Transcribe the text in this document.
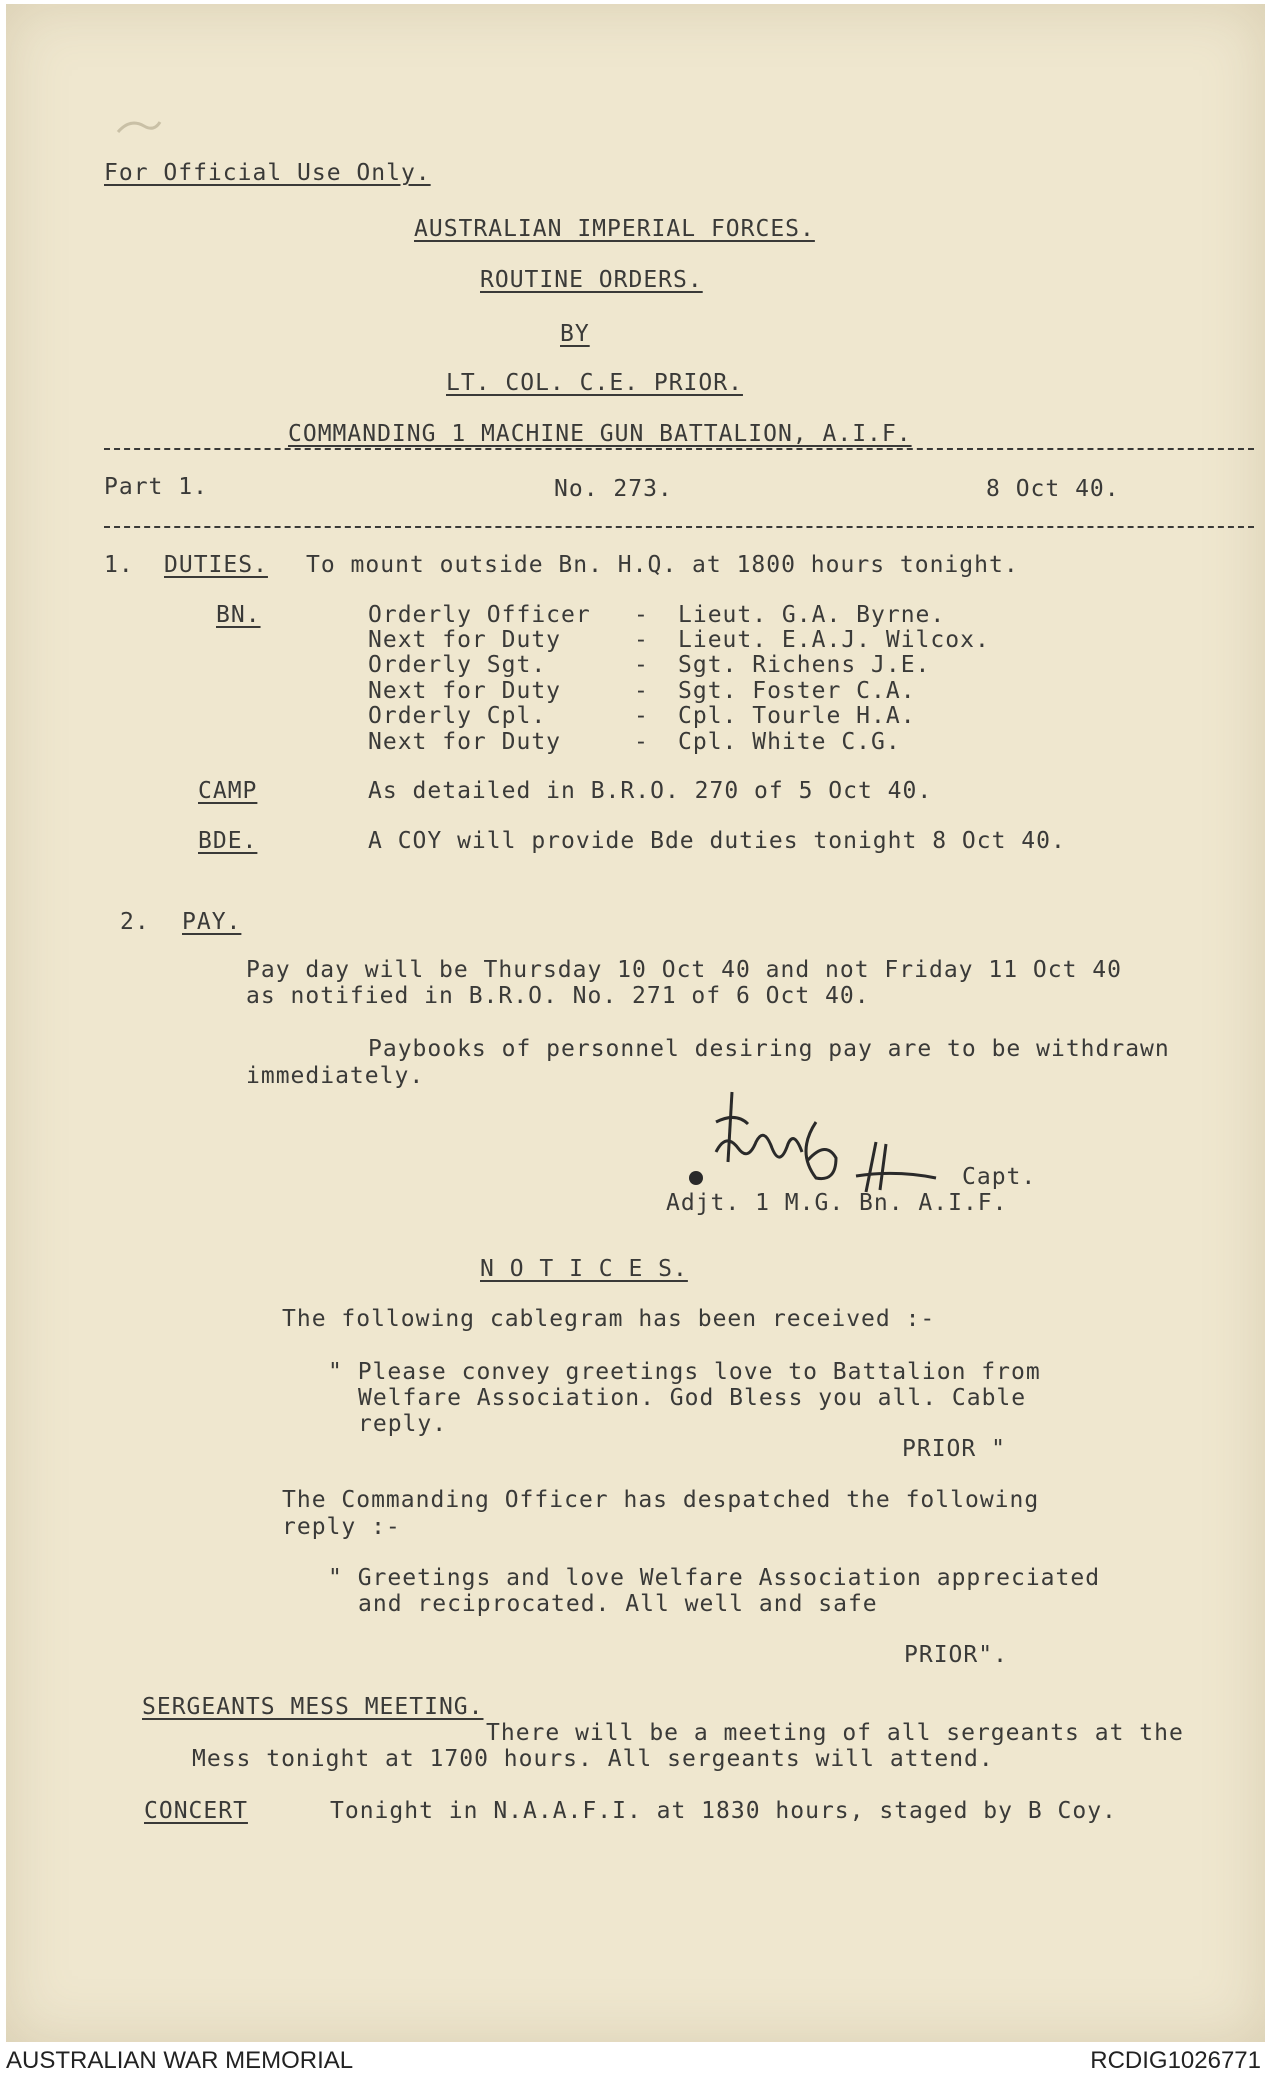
For Official Use Only.
AUSTRALIAN IMPERIAL FORCES.
ROUTINE ORDERS.
BY
LT. COL. C.E. PRIOR.
COMMANDING 1 MACHINE GUN BATTALION, A.I.F.
Part 1.	No. 273.	8 Oct 40.
1. DUTIES. To mount outside Bn. H.Q. at 1800 hours tonight.
BN.	Orderly Officer - Lieut. G.A. Byrne.
Next for Duty	- Lieut. E.A.J. Wilcox.
Orderly Sgt.	- Sgt. Richens J.E.
Next for Duty	- Sgt. Foster C.A.
Orderly Cpl.	- Cpl. Tourle H.A.
Next for Duty	- Cpl. White C.G.
CAMP	As detailed in B.R.O. 270 of 5 Oct 40.
BDE.	A COY will provide Bde duties tonight 8 Oct 40.
2. PAY.
Pay day will be Thursday 10 Oct 40 and not Friday 11 Oct 40
as notified in B.R.O. No. 271 of 6 Oct 40.
Paybooks of personnel desiring pay are to be withdrawn
immediately.
Capt.
Adjt. 1 M.G. Bn. A.I.F.
N O T I C E S.
The following cablegram has been received :-
" Please convey greetings love to Battalion from
Welfare Association. God Bless you all. Cable
reply.
PRIOR "
The Commanding Officer has despatched the following
reply :-
" Greetings and love Welfare Association appreciated
and reciprocated. All well and safe
PRIOR".
SERGEANTS MESS MEETING.
There will be a meeting of all sergeants at the
Mess tonight at 1700 hours. All sergeants will attend.
CONCERT	Tonight in N.A.A.F.I. at 1830 hours, staged by B Coy.
AUSTRALIAN WAR MEMORIAL	RCDIG1026771
